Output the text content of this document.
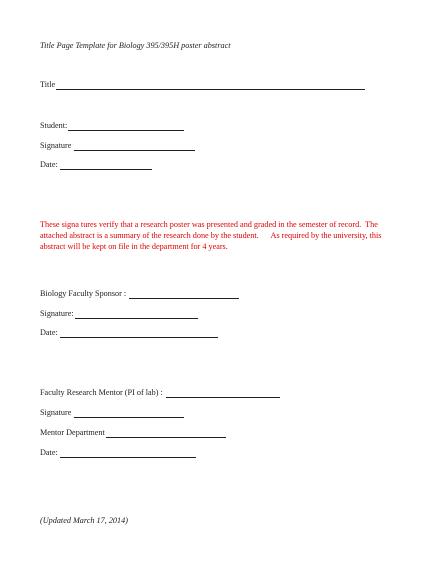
Title Page Template for Biology 395/395H poster abstract
Title
Student:
Signature
Date:
These signa tures verify that a research poster was presented and graded in the semester of record.  The
attached abstract is a summary of the research done by the student.      As required by the university, this
abstract will be kept on file in the department for 4 years.
Biology Faculty Sponsor :
Signature:
Date:
Faculty Research Mentor (PI of lab) :
Signature
Mentor Department
Date:
(Updated March 17, 2014)
